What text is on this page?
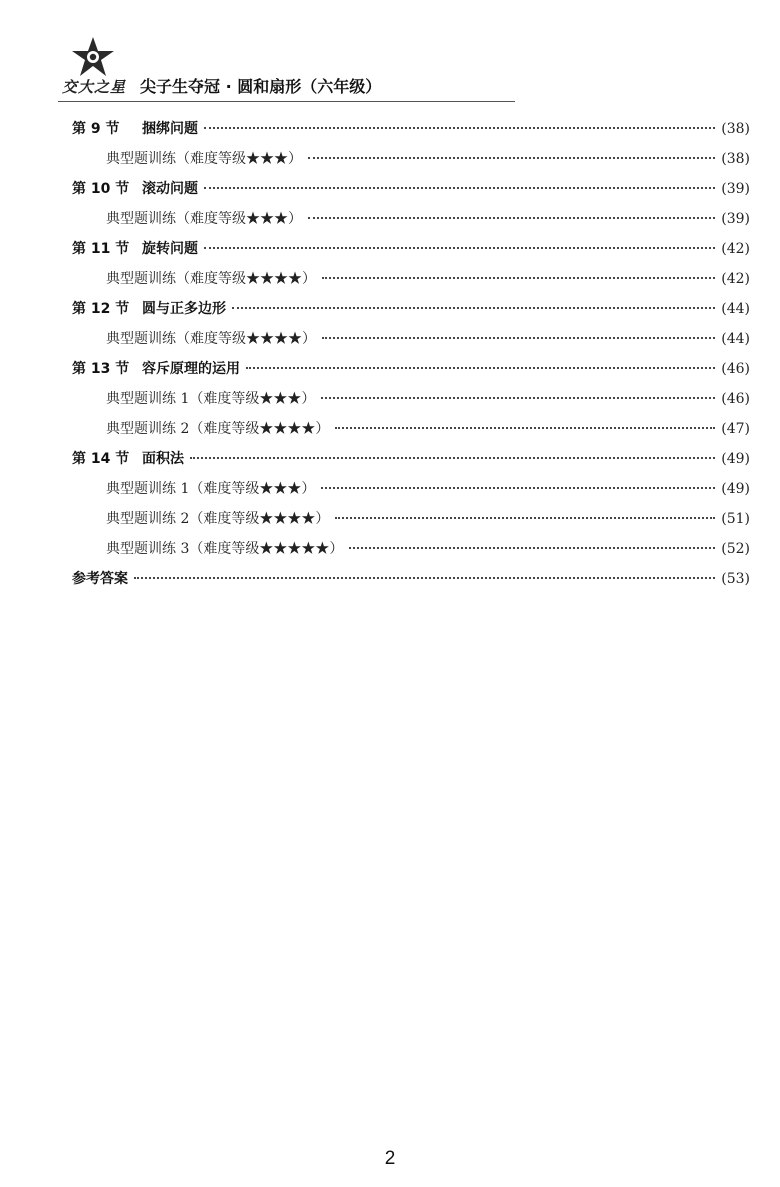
交大之星 尖子生夺冠 · 圆和扇形（六年级）
第 9 节 捆绑问题	(38)
典型题训练（难度等级★★★）	(38)
第 10 节 滚动问题	(39)
典型题训练（难度等级★★★）	(39)
第 11 节 旋转问题	(42)
典型题训练（难度等级★★★★）	(42)
第 12 节 圆与正多边形	(44)
典型题训练（难度等级★★★★）	(44)
第 13 节 容斥原理的运用	(46)
典型题训练 1（难度等级★★★）	(46)
典型题训练 2（难度等级★★★★）	(47)
第 14 节 面积法	(49)
典型题训练 1（难度等级★★★）	(49)
典型题训练 2（难度等级★★★★）	(51)
典型题训练 3（难度等级★★★★★）	(52)
参考答案	(53)
2
